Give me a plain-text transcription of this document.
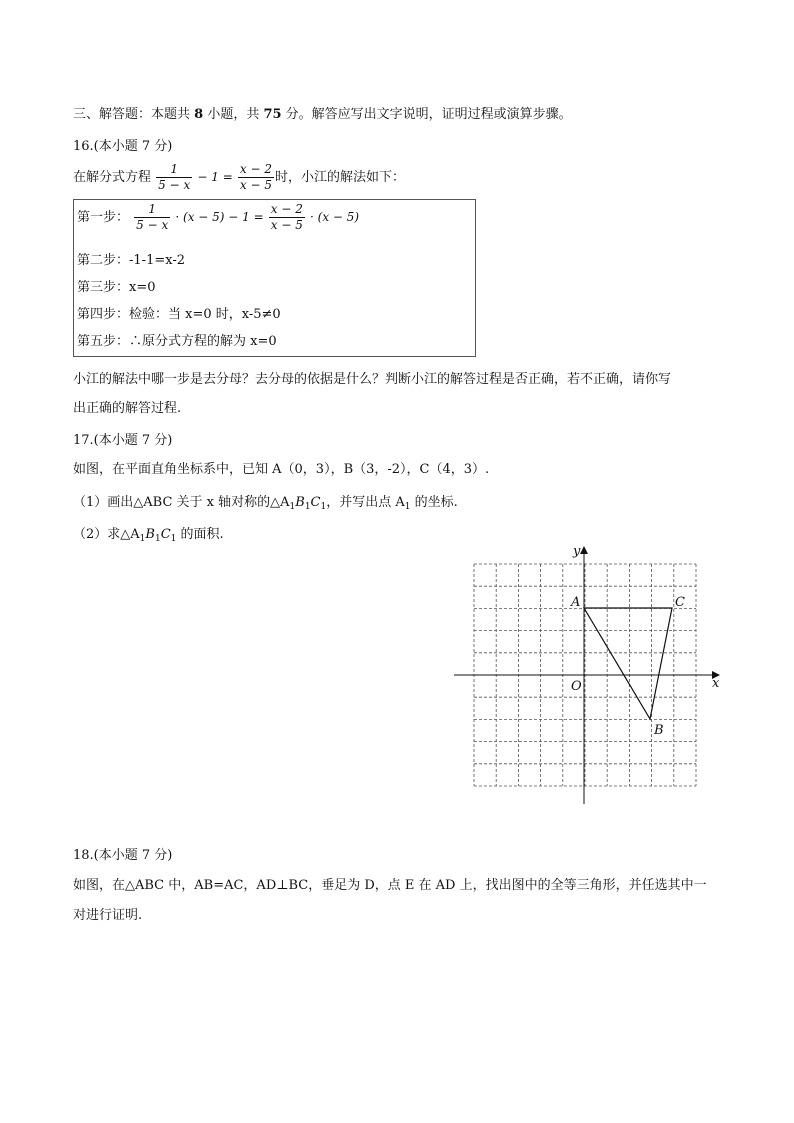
三、解答题：本题共 8 小题，共 75 分。解答应写出文字说明，证明过程或演算步骤。
16.(本小题 7 分)
在解分式方程 $\frac{1}{5 - x} - 1 = \frac{x - 2}{x - 5}$ 时，小江的解法如下：
第一步： $\frac{1}{5 - x} \cdot (x - 5) - 1 = \frac{x - 2}{x - 5} \cdot (x - 5)$
第二步：-1-1=x-2
第三步：x=0
第四步：检验：当 x=0 时，x-5≠0
第五步：∴原分式方程的解为 x=0
小江的解法中哪一步是去分母？去分母的依据是什么？判断小江的解答过程是否正确，若不正确，请你写
出正确的解答过程.
17.(本小题 7 分)
如图，在平面直角坐标系中，已知 A（0，3），B（3，-2），C（4，3）.
（1）画出△ABC 关于 x 轴对称的$\triangle A_1B_1C_1$，并写出点 $A_1$ 的坐标.
（2）求$\triangle A_1B_1C_1$ 的面积.
y
x
O
A	C
B
18.(本小题 7 分)
如图，在△ABC 中，AB=AC，AD⊥BC，垂足为 D，点 E 在 AD 上，找出图中的全等三角形，并任选其中一
对进行证明.
